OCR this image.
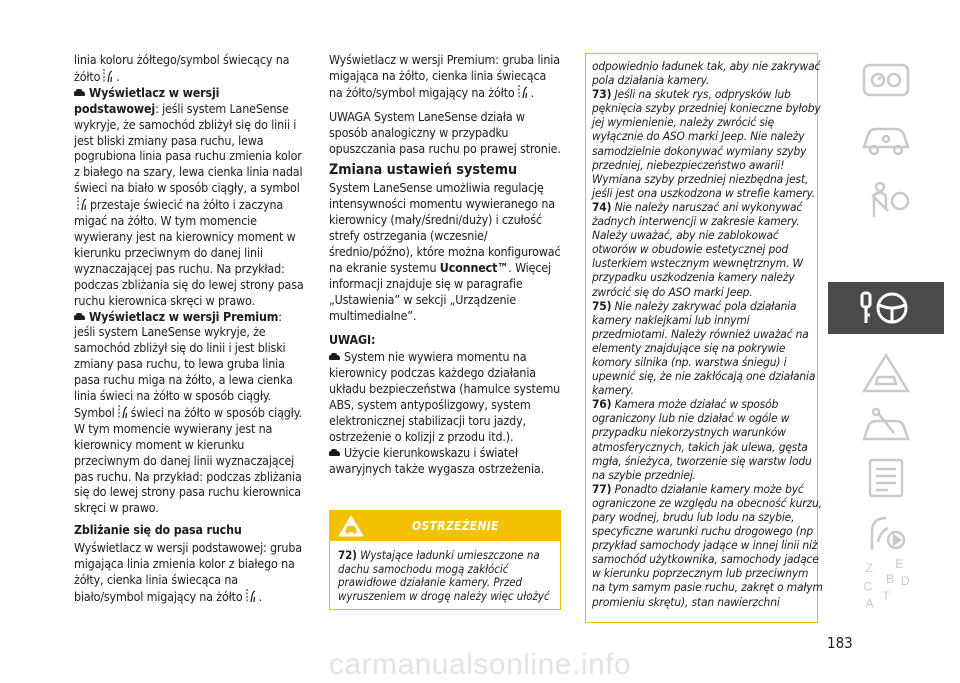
linia koloru żółtego/symbol świecący na
żółto .

Wyświetlacz w wersji podstawowej: jeśli system LaneSense wykryje, że samochód zbliżył się do linii i jest bliski zmiany pasa ruchu, lewa pogrubiona linia pasa ruchu zmienia kolor z białego na szary, lewa cienka linia nadal świeci na biało w sposób ciągły, a symbolprzestaje świecić na żółto i zaczyna migać na żółto. W tym momencie wywierany jest na kierownicy moment w kierunku przeciwnym do danej linii wyznaczającej pas ruchu. Na przykład: podczas zbliżania się do lewej strony pasa ruchu kierownica skręci w prawo.

Wyświetlacz w wersji Premium: jeśli system LaneSense wykryje, że samochód zbliżył się do linii i jest bliski zmiany pasa ruchu, to lewa gruba linia pasa ruchu miga na żółto, a lewa cienka linia świeci na żółto w sposób ciągły. Symbol świeci na żółto w sposób ciągły. W tym momencie wywierany jest na kierownicy moment w kierunku przeciwnym do danej linii wyznaczającej pas ruchu. Na przykład: podczas zbliżania się do lewej strony pasa ruchu kierownica skręci w prawo.

Zbliżanie się do pasa ruchu

Wyświetlacz w wersji podstawowej: gruba migająca linia zmienia kolor z białego na żółty, cienka linia świecąca na biało/symbol migający na żółto .

Wyświetlacz w wersji Premium: gruba linia migająca na żółto, cienka linia świecąca na żółto/symbol migający na żółto .

UWAGA System LaneSense działa w sposób analogiczny w przypadku opuszczania pasa ruchu po prawej stronie.

Zmiana ustawień systemu

System LaneSense umożliwia regulację intensywności momentu wywieranego na kierownicy (mały/średni/duży) i czułość strefy ostrzegania (wczesnie/średnio/późno), które można konfigurować na ekranie systemu Uconnect™. Więcej informacji znajduje się w paragrafie „Ustawienia” w sekcji „Urządzenie multimedialne”.

UWAGI:

System nie wywiera momentu na kierownicy podczas każdego działania układu bezpieczeństwa (hamulce systemu ABS, system antypoślizgowy, system elektronicznej stabilizacji toru jazdy, ostrzeżenie o kolizji z przodu itd.).

Użycie kierunkowskazu i świateł awaryjnych także wygasza ostrzeżenia.

OSTRZEŻENIE
72) Wystające ładunki umieszczone na dachu samochodu mogą zakłócić prawidłowe działanie kamery. Przed wyruszeniem w drogę należy więc ułożyć

odpowiednio ładunek tak, aby nie zakrywać pola działania kamery.

73) Jeśli na skutek rys, odprysków lub pęknięcia szyby przedniej konieczne byłoby jej wymienienie, należy zwrócić się wyłącznie do ASO marki Jeep. Nie należy samodzielnie dokonywać wymiany szyby przedniej, niebezpieczeństwo awarii! Wymiana szyby przedniej niezbędna jest, jeśli jest ona uszkodzona w strefie kamery.

74) Nie należy naruszać ani wykonywać żadnych interwencji w zakresie kamery. Należy uważać, aby nie zablokować otworów w obudowie estetycznej pod lusterkiem wstecznym wewnętrznym. W przypadku uszkodzenia kamery należy zwrócić się do ASO marki Jeep.

75) Nie należy zakrywać pola działania kamery naklejkami lub innymi przedmiotami. Należy również uważać na elementy znajdujące się na pokrywie komory silnika (np. warstwa śniegu) i upewnić się, że nie zakłócają one działania kamery.

76) Kamera może działać w sposób ograniczony lub nie działać w ogóle w przypadku niekorzystnych warunków atmosferycznych, takich jak ulewa, gęsta mgła, śnieżyca, tworzenie się warstw lodu na szybie przedniej.

77) Ponadto działanie kamery może być ograniczone ze względu na obecność kurzu, pary wodnej, brudu lub lodu na szybie, specyficzne warunki ruchu drogowego (np przykład samochody jadące w innej linii niż samochód użytkownika, samochody jadące w kierunku poprzecznym lub przeciwnym na tym samym pasie ruchu, zakręt o małym promieniu skrętu), stan nawierzchni

183
Z E
B D
C
T
A
carmanualsonline.info
